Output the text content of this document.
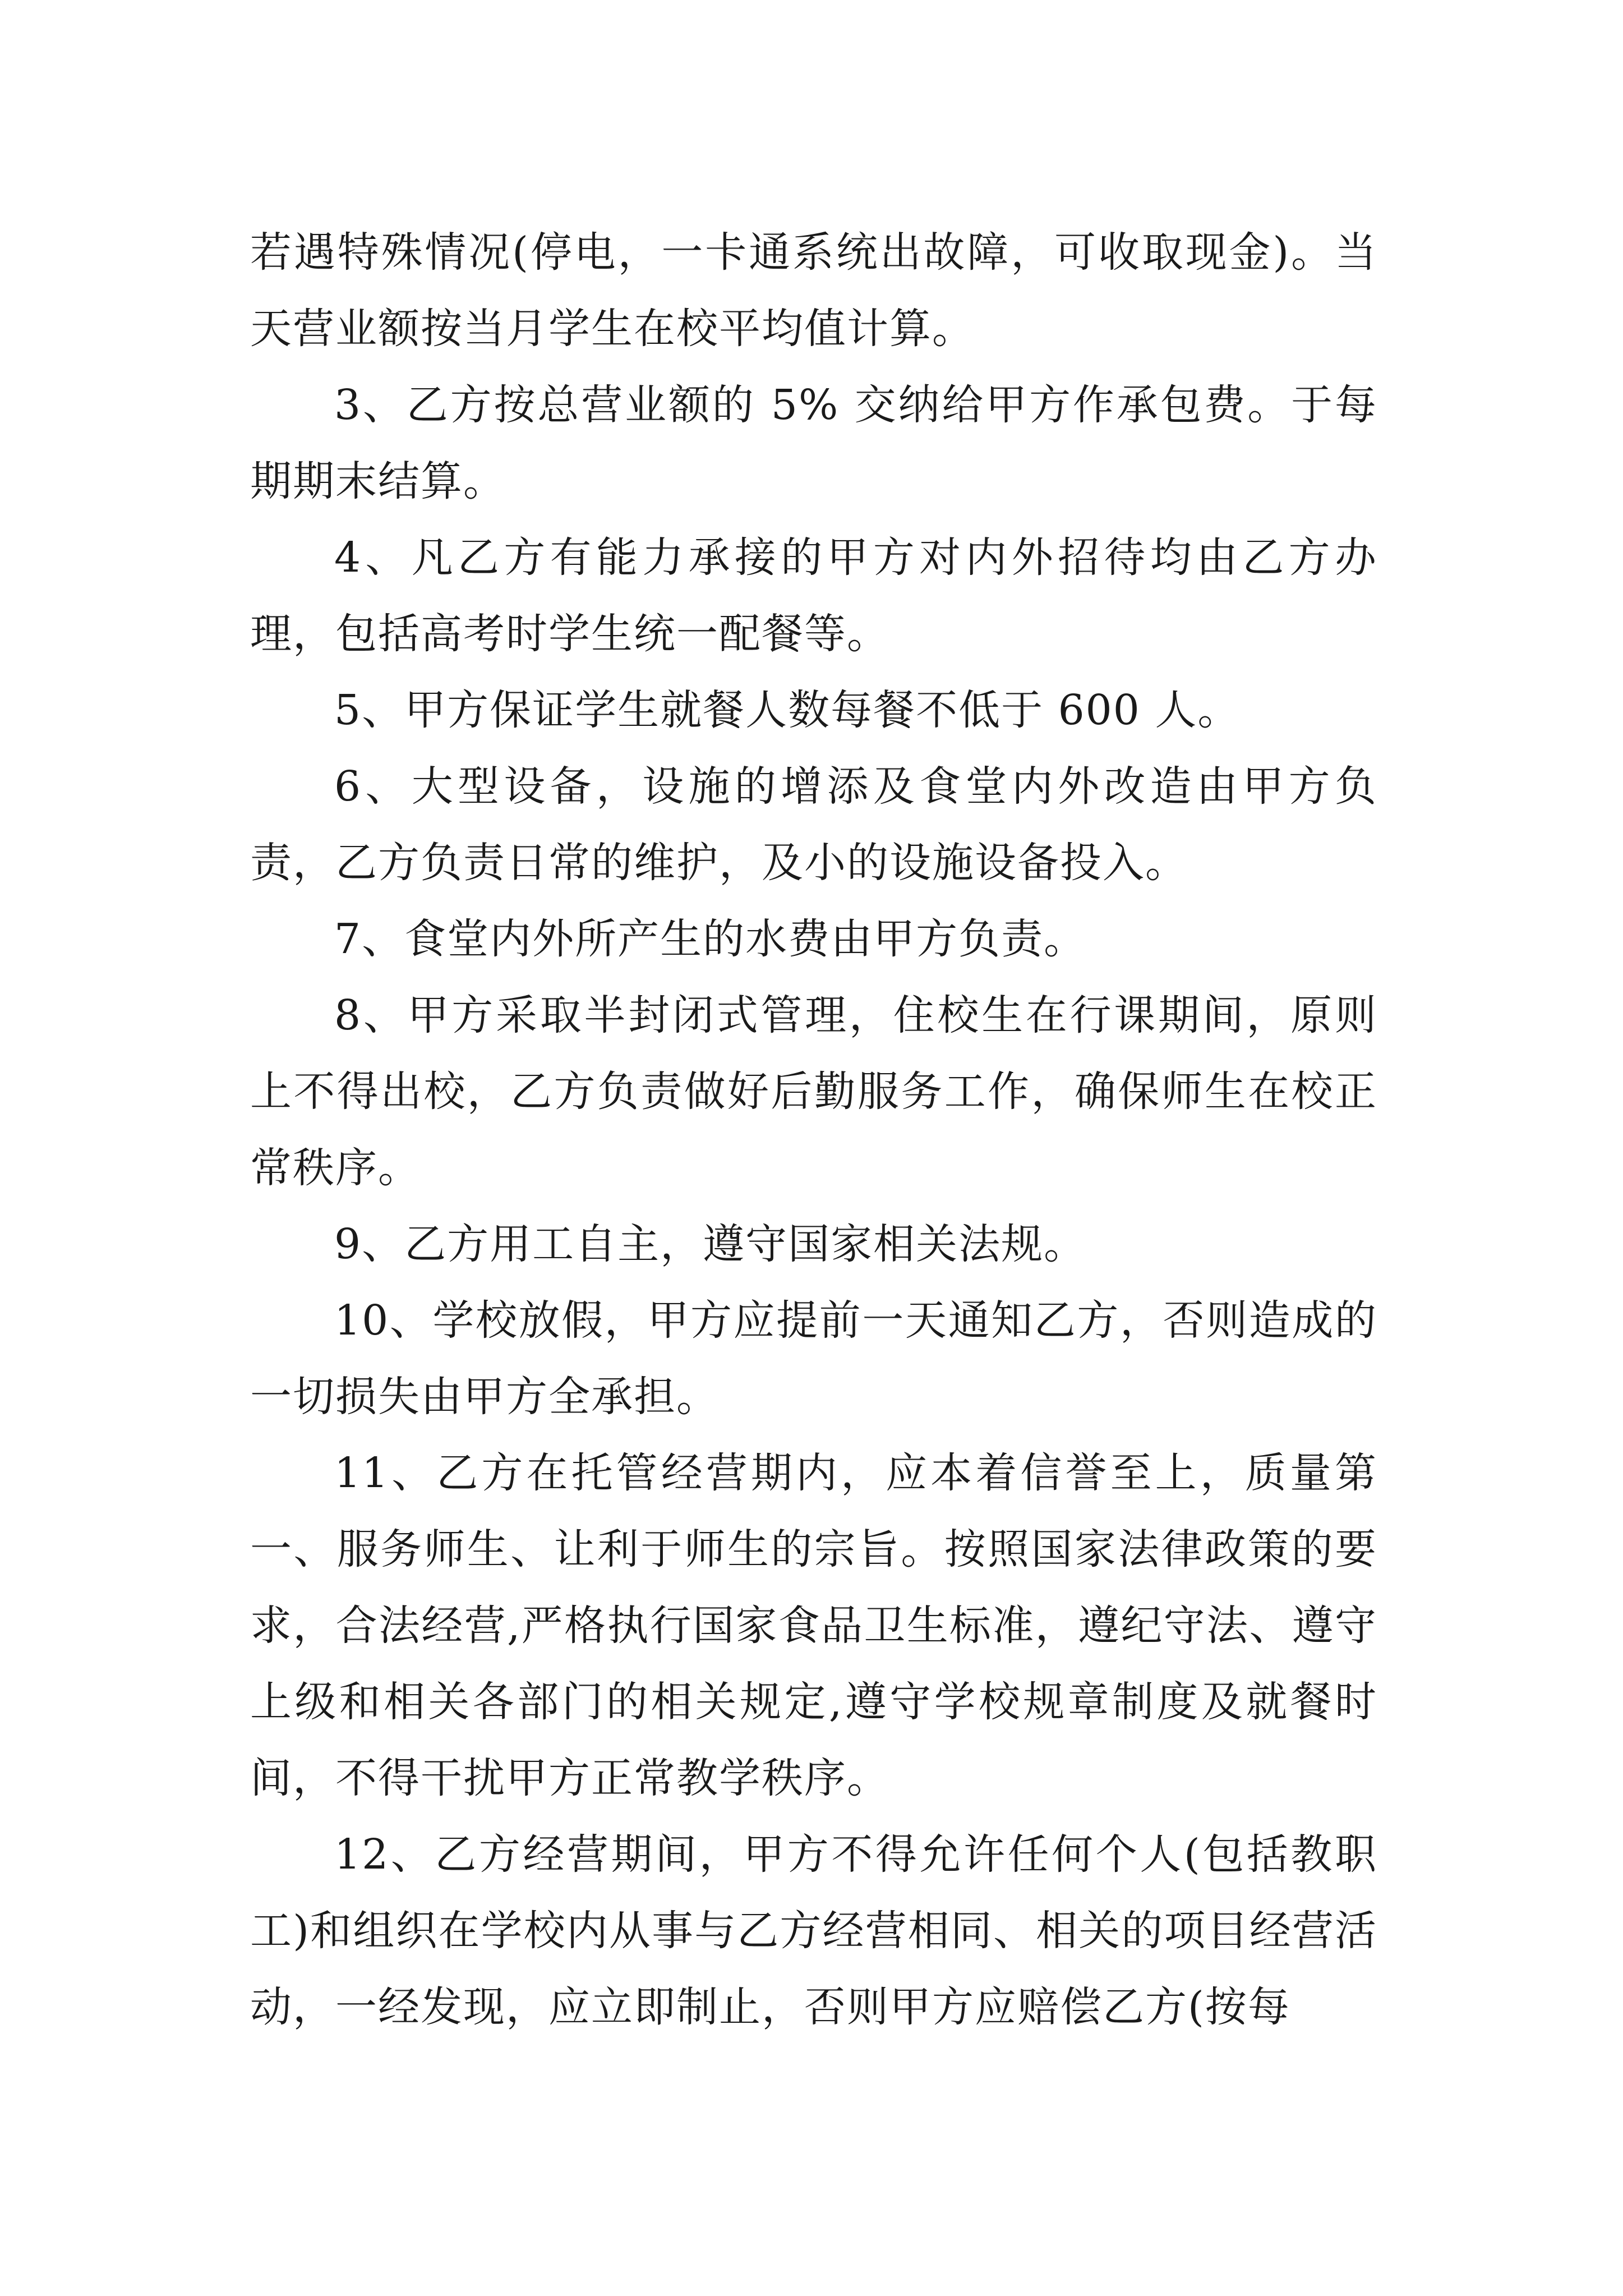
若遇特殊情况(停电，一卡通系统出故障，可收取现金)。当天营业额按当月学生在校平均值计算。

3、乙方按总营业额的 5% 交纳给甲方作承包费。于每期期末结算。

4、凡乙方有能力承接的甲方对内外招待均由乙方办理，包括高考时学生统一配餐等。

5、甲方保证学生就餐人数每餐不低于 600 人。

6、大型设备，设施的增添及食堂内外改造由甲方负责，乙方负责日常的维护，及小的设施设备投入。

7、食堂内外所产生的水费由甲方负责。

8、甲方采取半封闭式管理，住校生在行课期间，原则上不得出校，乙方负责做好后勤服务工作，确保师生在校正常秩序。

9、乙方用工自主，遵守国家相关法规。

10、学校放假，甲方应提前一天通知乙方，否则造成的一切损失由甲方全承担。

11、乙方在托管经营期内，应本着信誉至上，质量第一、服务师生、让利于师生的宗旨。按照国家法律政策的要求，合法经营,严格执行国家食品卫生标准，遵纪守法、遵守上级和相关各部门的相关规定,遵守学校规章制度及就餐时间，不得干扰甲方正常教学秩序。

12、乙方经营期间，甲方不得允许任何个人(包括教职工)和组织在学校内从事与乙方经营相同、相关的项目经营活动，一经发现，应立即制止，否则甲方应赔偿乙方(按每
